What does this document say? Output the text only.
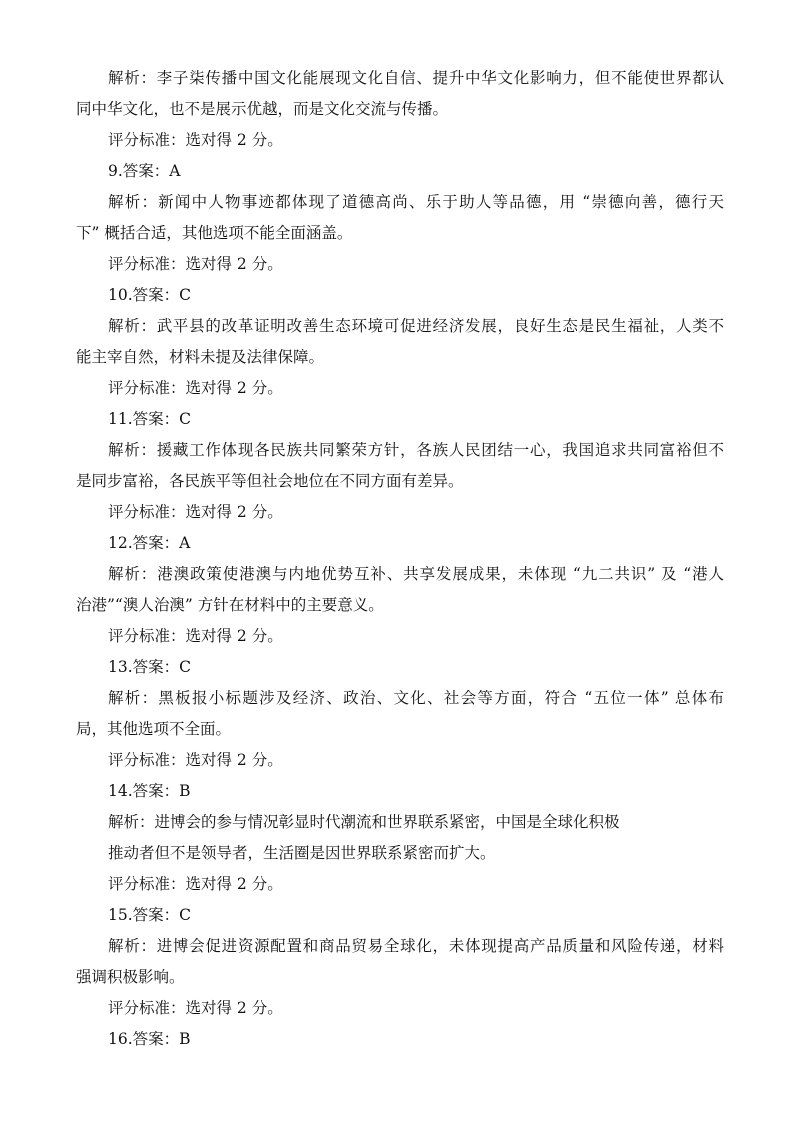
解析：李子柒传播中国文化能展现文化自信、提升中华文化影响力，但不能使世界都认
同中华文化，也不是展示优越，而是文化交流与传播。
评分标准：选对得 2 分。
9.答案：A
解析：新闻中人物事迹都体现了道德高尚、乐于助人等品德，用 “崇德向善，德行天
下” 概括合适，其他选项不能全面涵盖。
评分标准：选对得 2 分。
10.答案：C
解析：武平县的改革证明改善生态环境可促进经济发展，良好生态是民生福祉，人类不
能主宰自然，材料未提及法律保障。
评分标准：选对得 2 分。
11.答案：C
解析：援藏工作体现各民族共同繁荣方针，各族人民团结一心，我国追求共同富裕但不
是同步富裕，各民族平等但社会地位在不同方面有差异。
评分标准：选对得 2 分。
12.答案：A
解析：港澳政策使港澳与内地优势互补、共享发展成果，未体现 “九二共识” 及 “港人
治港”“澳人治澳” 方针在材料中的主要意义。
评分标准：选对得 2 分。
13.答案：C
解析：黑板报小标题涉及经济、政治、文化、社会等方面，符合 “五位一体” 总体布
局，其他选项不全面。
评分标准：选对得 2 分。
14.答案：B
解析：进博会的参与情况彰显时代潮流和世界联系紧密，中国是全球化积极
推动者但不是领导者，生活圈是因世界联系紧密而扩大。
评分标准：选对得 2 分。
15.答案：C
解析：进博会促进资源配置和商品贸易全球化，未体现提高产品质量和风险传递，材料
强调积极影响。
评分标准：选对得 2 分。
16.答案：B
